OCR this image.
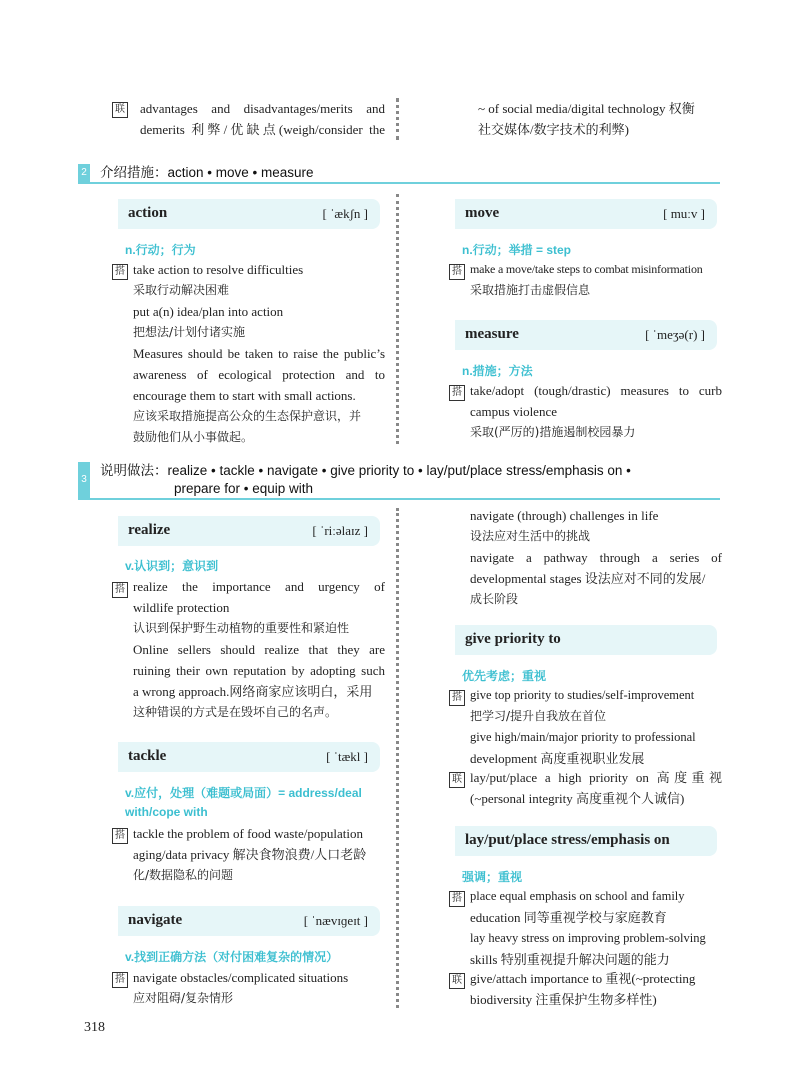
联 advantages and disadvantages/merits and
demerits 利弊/优缺点(weigh/consider the
~ of social media/digital technology 权衡
社交媒体/数字技术的利弊)
2 介绍措施：action • move • measure
action	[ ˈækʃn ]
n.行动；行为
搭 take action to resolve difficulties
采取行动解决困难
put a(n) idea/plan into action
把想法/计划付诸实施
Measures should be taken to raise the public’s
awareness of ecological protection and to
encourage them to start with small actions.
应该采取措施提高公众的生态保护意识，并
鼓励他们从小事做起。
move	[ muːv ]
n.行动；举措 = step
搭 make a move/take steps to combat misinformation
采取措施打击虚假信息
measure	[ ˈmeʒə(r) ]
n.措施；方法
搭 take/adopt (tough/drastic) measures to curb
campus violence
采取(严厉的)措施遏制校园暴力
3
说明做法：realize • tackle • navigate • give priority to • lay/put/place stress/emphasis on •
prepare for • equip with
realize	[ ˈriːəlaɪz ]
v.认识到；意识到
搭 realize the importance and urgency of
wildlife protection
认识到保护野生动植物的重要性和紧迫性
Online sellers should realize that they are
ruining their own reputation by adopting such
a wrong approach.网络商家应该明白，采用
这种错误的方式是在毁坏自己的名声。
tackle	[ ˈtækl ]
v.应付，处理（难题或局面）= address/deal
with/cope with
搭 tackle the problem of food waste/population
aging/data privacy 解决食物浪费/人口老龄
化/数据隐私的问题
navigate	[ ˈnævɪɡeɪt ]
v.找到正确方法（对付困难复杂的情况）
搭 navigate obstacles/complicated situations
应对阻碍/复杂情形
navigate (through) challenges in life
设法应对生活中的挑战
navigate a pathway through a series of
developmental stages 设法应对不同的发展/
成长阶段
give priority to
优先考虑；重视
搭 give top priority to studies/self-improvement
把学习/提升自我放在首位
give high/main/major priority to professional
development 高度重视职业发展
联 lay/put/place a high priority on 高度重视
(~personal integrity 高度重视个人诚信)
lay/put/place stress/emphasis on
强调；重视
搭 place equal emphasis on school and family
education 同等重视学校与家庭教育
lay heavy stress on improving problem-solving
skills 特别重视提升解决问题的能力
联 give/attach importance to 重视(~protecting
biodiversity 注重保护生物多样性)
318
